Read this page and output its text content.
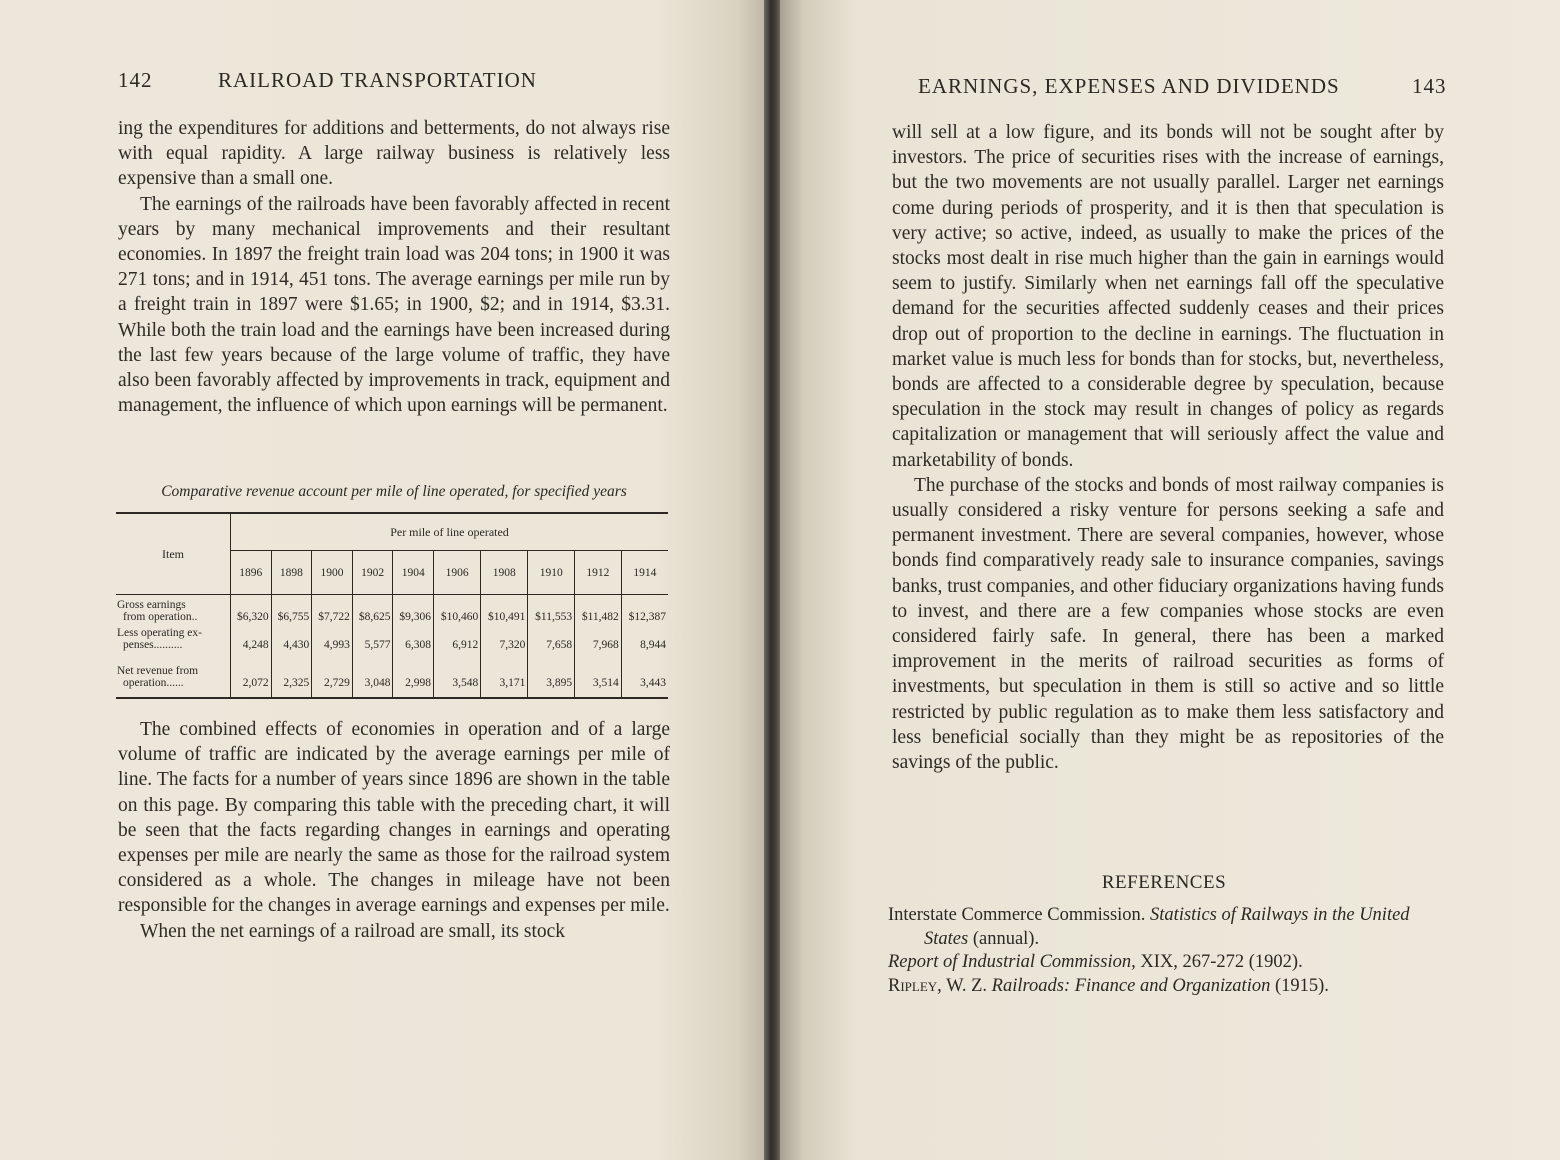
142	RAILROAD TRANSPORTATION

ing the expenditures for additions and betterments, do not always rise with equal rapidity. A large railway business is relatively less expensive than a small one.

The earnings of the railroads have been favorably affected in recent years by many mechanical improvements and their resultant economies. In 1897 the freight train load was 204 tons; in 1900 it was 271 tons; and in 1914, 451 tons. The average earnings per mile run by a freight train in 1897 were $1.65; in 1900, $2; and in 1914, $3.31. While both the train load and the earnings have been increased during the last few years because of the large volume of traffic, they have also been favorably affected by improvements in track, equipment and management, the influence of which upon earnings will be permanent.

Comparative revenue account per mile of line operated, for specified years
Item	Per mile of line operated									
	1896	1898	1900	1902	1904	1906	1908	1910	1912	1914

Gross earnings
from operation..	$6,320	$6,755	$7,722	$8,625	$9,306	$10,460	$10,491	$11,553	$11,482	$12,387

Less operating ex-
penses..........	4,248	4,430	4,993	5,577	6,308	6,912	7,320	7,658	7,968	8,944

Net revenue from
operation......	2,072	2,325	2,729	3,048	2,998	3,548	3,171	3,895	3,514	3,443

The combined effects of economies in operation and of a large volume of traffic are indicated by the average earnings per mile of line. The facts for a number of years since 1896 are shown in the table on this page. By comparing this table with the preceding chart, it will be seen that the facts regarding changes in earnings and operating expenses per mile are nearly the same as those for the railroad system considered as a whole. The changes in mileage have not been responsible for the changes in average earnings and expenses per mile.

When the net earnings of a railroad are small, its stock

EARNINGS, EXPENSES AND DIVIDENDS	143

will sell at a low figure, and its bonds will not be sought after by investors. The price of securities rises with the increase of earnings, but the two movements are not usually parallel. Larger net earnings come during periods of prosperity, and it is then that speculation is very active; so active, indeed, as usually to make the prices of the stocks most dealt in rise much higher than the gain in earnings would seem to justify. Similarly when net earnings fall off the speculative demand for the securities affected suddenly ceases and their prices drop out of proportion to the decline in earnings. The fluctuation in market value is much less for bonds than for stocks, but, nevertheless, bonds are affected to a considerable degree by speculation, because speculation in the stock may result in changes of policy as regards capitalization or management that will seriously affect the value and marketability of bonds.

The purchase of the stocks and bonds of most railway companies is usually considered a risky venture for persons seeking a safe and permanent investment. There are several companies, however, whose bonds find comparatively ready sale to insurance companies, savings banks, trust companies, and other fiduciary organizations having funds to invest, and there are a few companies whose stocks are even considered fairly safe. In general, there has been a marked improvement in the merits of railroad securities as forms of investments, but speculation in them is still so active and so little restricted by public regulation as to make them less satisfactory and less beneficial socially than they might be as repositories of the savings of the public.

REFERENCES
Interstate Commerce Commission. Statistics of Railways in the United States (annual).
Report of Industrial Commission, XIX, 267-272 (1902).
Ripley, W. Z. Railroads: Finance and Organization (1915).
